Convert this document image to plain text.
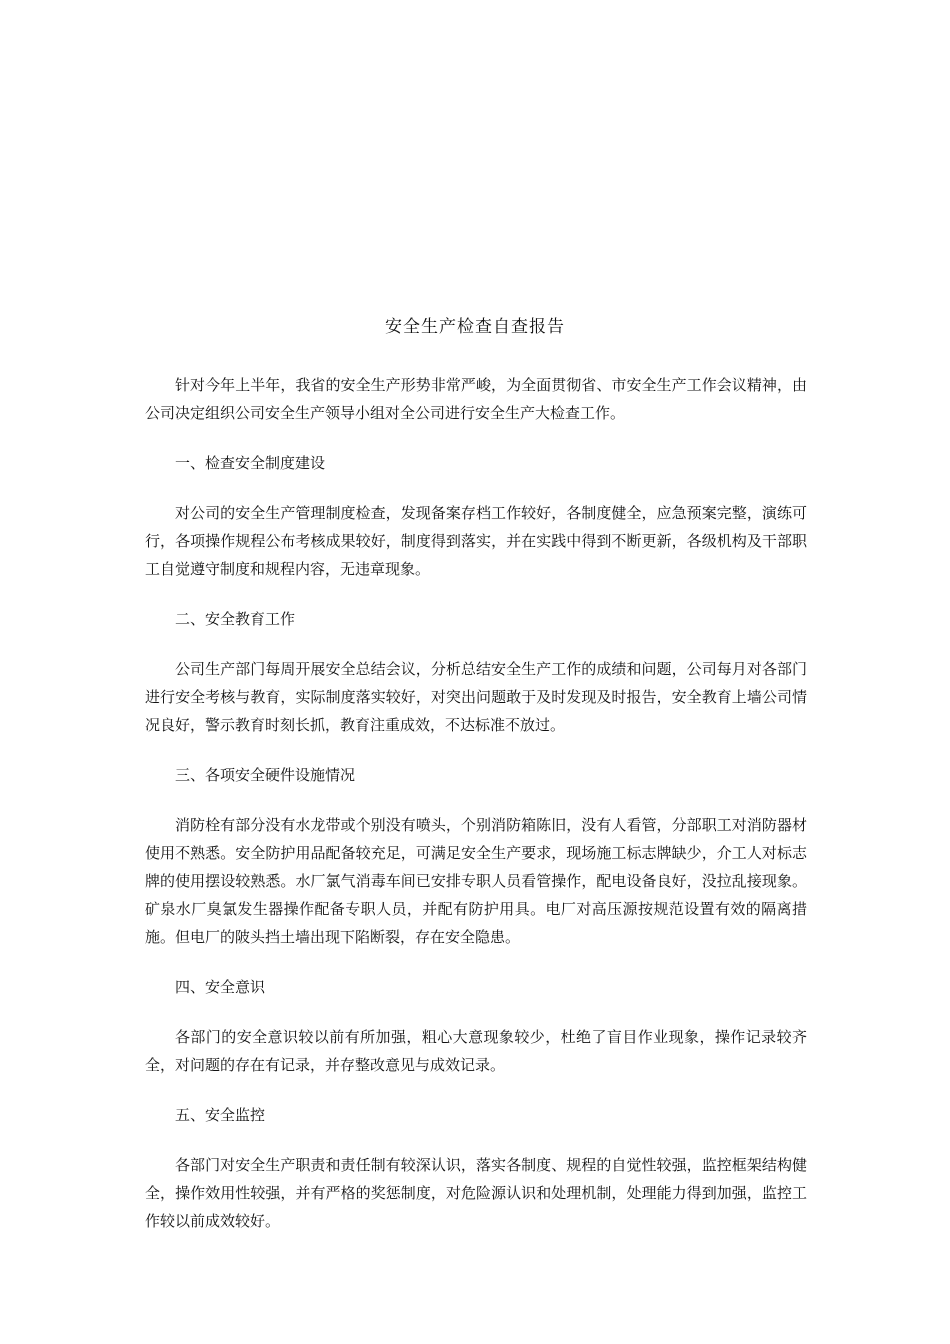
安全生产检查自查报告

针对今年上半年，我省的安全生产形势非常严峻，为全面贯彻省、市安全生产工作会议精神，由公司决定组织公司安全生产领导小组对全公司进行安全生产大检查工作。

一、检查安全制度建设

对公司的安全生产管理制度检查，发现备案存档工作较好，各制度健全，应急预案完整，演练可行，各项操作规程公布考核成果较好，制度得到落实，并在实践中得到不断更新，各级机构及干部职工自觉遵守制度和规程内容，无违章现象。

二、安全教育工作

公司生产部门每周开展安全总结会议，分析总结安全生产工作的成绩和问题，公司每月对各部门进行安全考核与教育，实际制度落实较好，对突出问题敢于及时发现及时报告，安全教育上墙公司情况良好，警示教育时刻长抓，教育注重成效，不达标准不放过。

三、各项安全硬件设施情况

消防栓有部分没有水龙带或个别没有喷头，个别消防箱陈旧，没有人看管，分部职工对消防器材使用不熟悉。安全防护用品配备较充足，可满足安全生产要求，现场施工标志牌缺少，介工人对标志牌的使用摆设较熟悉。水厂氯气消毒车间已安排专职人员看管操作，配电设备良好，没拉乱接现象。矿泉水厂臭氯发生器操作配备专职人员，并配有防护用具。电厂对高压源按规范设置有效的隔离措施。但电厂的陂头挡土墙出现下陷断裂，存在安全隐患。

四、安全意识

各部门的安全意识较以前有所加强，粗心大意现象较少，杜绝了盲目作业现象，操作记录较齐全，对问题的存在有记录，并存整改意见与成效记录。

五、安全监控

各部门对安全生产职责和责任制有较深认识，落实各制度、规程的自觉性较强，监控框架结构健全，操作效用性较强，并有严格的奖惩制度，对危险源认识和处理机制，处理能力得到加强，监控工作较以前成效较好。
